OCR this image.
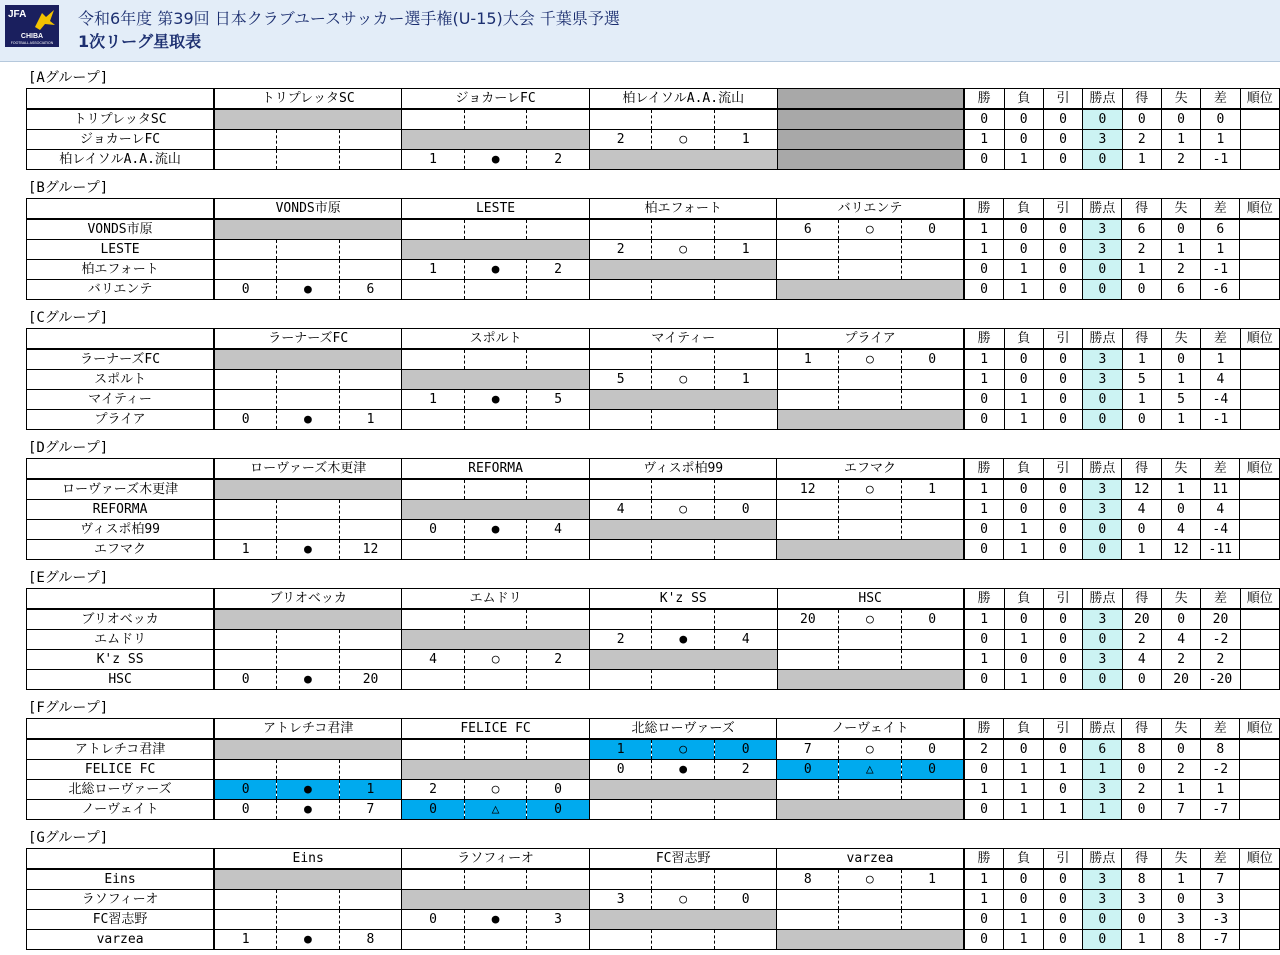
JFA
CHIBA
FOOTBALL ASSOCIATION
令和6年度 第39回 日本クラブユースサッカー選手権(U-15)大会 千葉県予選
1次リーグ星取表
[Aグループ]
	トリプレッタSC			ジョカーレFC			柏レイソルA.A.流山				勝	負	引	勝点	得	失	差	順位
トリプレッタSC											0	0	0	0	0	0	0	
ジョカーレFC							2	○	1		1	0	0	3	2	1	1	
柏レイソルA.A.流山				1	●	2					0	1	0	0	1	2	-1	
[Bグループ]
	VONDS市原			LESTE			柏エフォート			バリエンテ			勝	負	引	勝点	得	失	差	順位
VONDS市原										6	○	0	1	0	0	3	6	0	6	
LESTE							2	○	1				1	0	0	3	2	1	1	
柏エフォート				1	●	2							0	1	0	0	1	2	-1	
バリエンテ	0	●	6										0	1	0	0	0	6	-6	
[Cグループ]
	ラーナーズFC			スポルト			マイティー			プライア			勝	負	引	勝点	得	失	差	順位
ラーナーズFC										1	○	0	1	0	0	3	1	0	1	
スポルト							5	○	1				1	0	0	3	5	1	4	
マイティー				1	●	5							0	1	0	0	1	5	-4	
プライア	0	●	1										0	1	0	0	0	1	-1	
[Dグループ]
	ローヴァーズ木更津			REFORMA			ヴィスポ柏99			エフマク			勝	負	引	勝点	得	失	差	順位
ローヴァーズ木更津										12	○	1	1	0	0	3	12	1	11	
REFORMA							4	○	0				1	0	0	3	4	0	4	
ヴィスポ柏99				0	●	4							0	1	0	0	0	4	-4	
エフマク	1	●	12										0	1	0	0	1	12	-11	
[Eグループ]
	ブリオベッカ			エムドリ			K'z SS			HSC			勝	負	引	勝点	得	失	差	順位
ブリオベッカ										20	○	0	1	0	0	3	20	0	20	
エムドリ							2	●	4				0	1	0	0	2	4	-2	
K'z SS				4	○	2							1	0	0	3	4	2	2	
HSC	0	●	20										0	1	0	0	0	20	-20	
[Fグループ]
	アトレチコ君津			FELICE FC			北総ローヴァーズ			ノーヴェイト			勝	負	引	勝点	得	失	差	順位
アトレチコ君津							1	○	0	7	○	0	2	0	0	6	8	0	8	
FELICE FC							0	●	2	0	△	0	0	1	1	1	0	2	-2	
北総ローヴァーズ	0	●	1	2	○	0							1	1	0	3	2	1	1	
ノーヴェイト	0	●	7	0	△	0							0	1	1	1	0	7	-7	
[Gグループ]
	Eins			ラソフィーオ			FC習志野			varzea			勝	負	引	勝点	得	失	差	順位
Eins										8	○	1	1	0	0	3	8	1	7	
ラソフィーオ							3	○	0				1	0	0	3	3	0	3	
FC習志野				0	●	3							0	1	0	0	0	3	-3	
varzea	1	●	8										0	1	0	0	1	8	-7	
